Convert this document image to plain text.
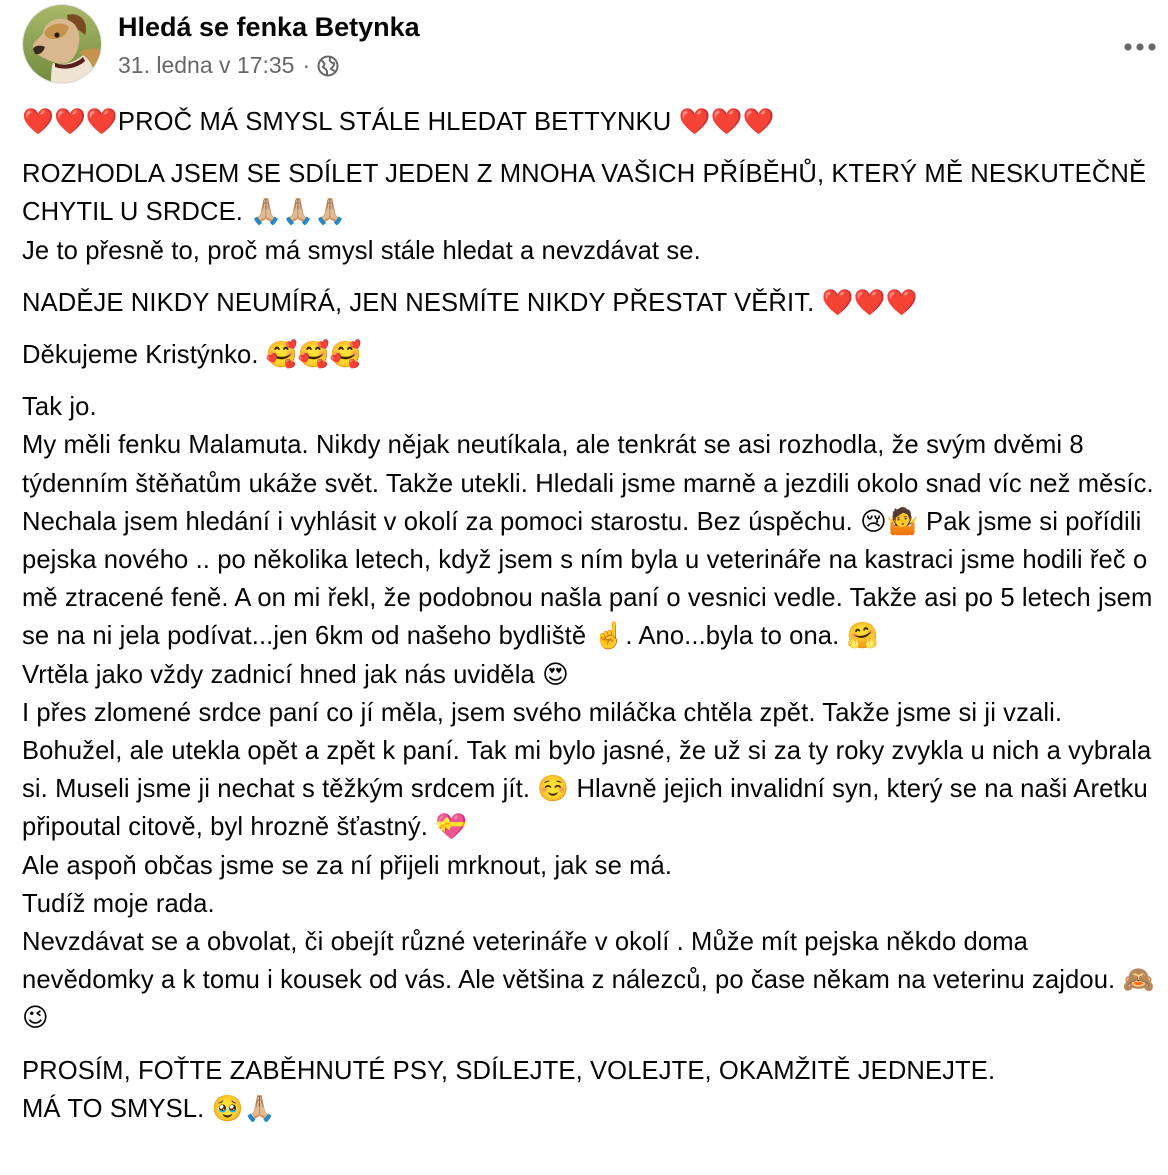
Hledá se fenka Betynka
31. ledna v 17:35 ·

❤️❤️❤️PROČ MÁ SMYSL STÁLE HLEDAT BETTYNKU ❤️❤️❤️

ROZHODLA JSEM SE SDÍLET JEDEN Z MNOHA VAŠICH PŘÍBĚHŮ, KTERÝ MĚ NESKUTEČNĚ CHYTIL U SRDCE. 🙏🏼🙏🏼🙏🏼
Je to přesně to, proč má smysl stále hledat a nevzdávat se.

NADĚJE NIKDY NEUMÍRÁ, JEN NESMÍTE NIKDY PŘESTAT VĚŘIT. ❤️❤️❤️

Děkujeme Kristýnko. 🥰🥰🥰

Tak jo.
My měli fenku Malamuta. Nikdy nějak neutíkala, ale tenkrát se asi rozhodla, že svým dvěmi 8 týdenním štěňatům ukáže svět. Takže utekli. Hledali jsme marně a jezdili okolo snad víc než měsíc. Nechala jsem hledání i vyhlásit v okolí za pomoci starostu. Bez úspěchu. 😢🤷 Pak jsme si pořídili pejska nového .. po několika letech, když jsem s ním byla u veterináře na kastraci jsme hodili řeč o mě ztracené feně. A on mi řekl, že podobnou našla paní o vesnici vedle. Takže asi po 5 letech jsem se na ni jela podívat...jen 6km od našeho bydliště ☝️. Ano...byla to ona. 🤗
Vrtěla jako vždy zadnicí hned jak nás uviděla 😍
I přes zlomené srdce paní co jí měla, jsem svého miláčka chtěla zpět. Takže jsme si ji vzali. Bohužel, ale utekla opět a zpět k paní. Tak mi bylo jasné, že už si za ty roky zvykla u nich a vybrala si. Museli jsme ji nechat s těžkým srdcem jít. ☺️ Hlavně jejich invalidní syn, který se na naši Aretku připoutal citově, byl hrozně šťastný. 💝
Ale aspoň občas jsme se za ní přijeli mrknout, jak se má.
Tudíž moje rada.
Nevzdávat se a obvolat, či obejít různé veterináře v okolí . Může mít pejska někdo doma nevědomky a k tomu i kousek od vás. Ale většina z nálezců, po čase někam na veterinu zajdou. 🙈😉

PROSÍM, FOŤTE ZABĚHNUTÉ PSY, SDÍLEJTE, VOLEJTE, OKAMŽITĚ JEDNEJTE.
MÁ TO SMYSL. 🥹🙏🏼
